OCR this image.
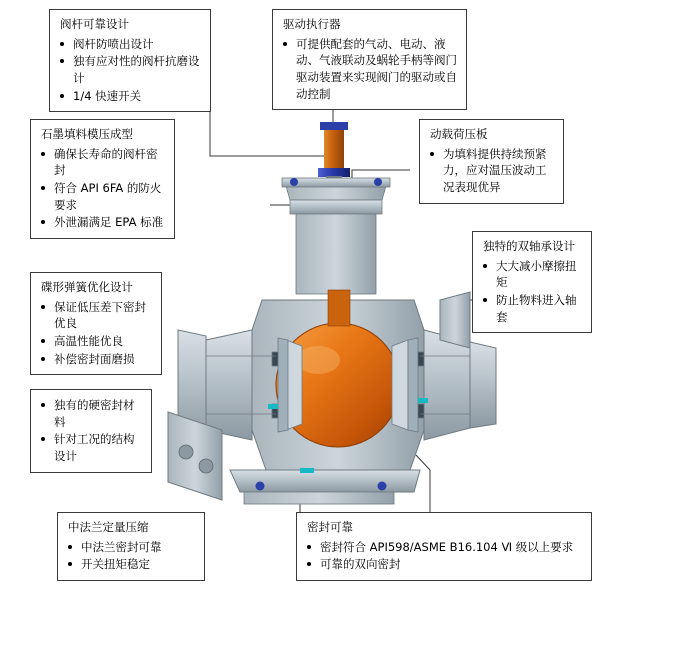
阀杆可靠设计
阀杆防喷出设计
独有应对性的阀杆抗磨设计
1/4 快速开关
驱动执行器
可提供配套的气动、电动、液动、气液联动及蜗轮手柄等阀门驱动装置来实现阀门的驱动或自动控制
石墨填料模压成型
确保长寿命的阀杆密封
符合 API 6FA 的防火要求
外泄漏满足 EPA 标准
动载荷压板
为填料提供持续预紧力，应对温压波动工况表现优异
独特的双轴承设计
大大减小摩擦扭矩
防止物料进入轴套
碟形弹簧优化设计
保证低压差下密封优良
高温性能优良
补偿密封面磨损
独有的硬密封材料
针对工况的结构设计
中法兰定量压缩
中法兰密封可靠
开关扭矩稳定
密封可靠
密封符合 API598/ASME B16.104 Ⅵ 级以上要求
可靠的双向密封
